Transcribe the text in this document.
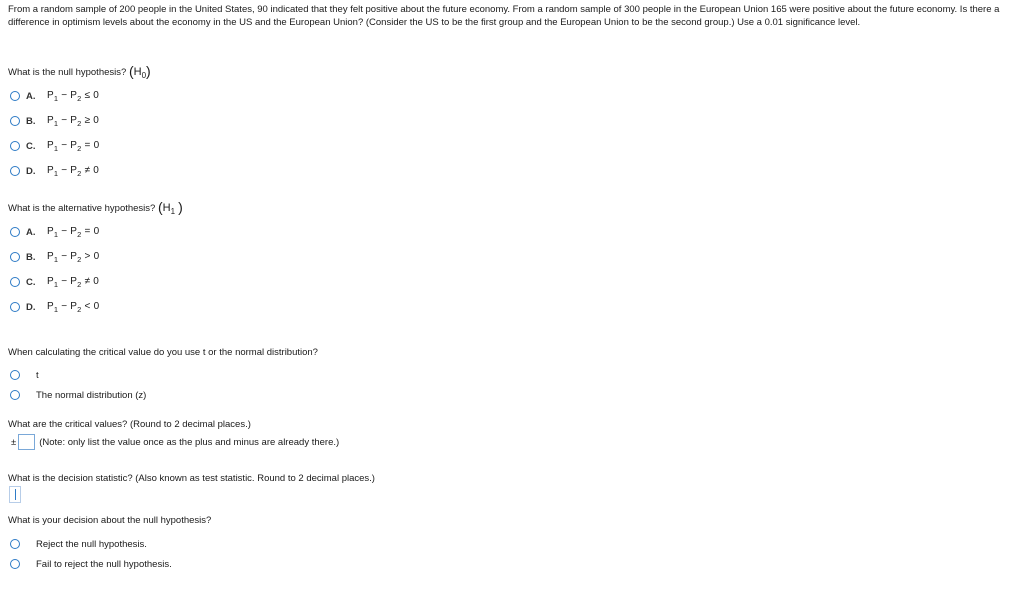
From a random sample of 200 people in the United States, 90 indicated that they felt positive about the future economy. From a random sample of 300 people in the European Union 165 were positive about the future economy. Is there a difference in optimism levels about the economy in the US and the European Union? (Consider the US to be the first group and the European Union to be the second group.) Use a 0.01 significance level.
What is the null hypothesis? $(H_0)$
A.	$P_1 - P_2 \le 0$
B.	$P_1 - P_2 \ge 0$
C.	$P_1 - P_2 = 0$
D.	$P_1 - P_2 \ne 0$
What is the alternative hypothesis? ($H_1$ )
A.	$P_1 - P_2 = 0$
B.	$P_1 - P_2 > 0$
C.	$P_1 - P_2 \ne 0$
D.	$P_1 - P_2 < 0$
When calculating the critical value do you use t or the normal distribution?
t
The normal distribution (z)
What are the critical values? (Round to 2 decimal places.)
± (Note: only list the value once as the plus and minus are already there.)
What is the decision statistic? (Also known as test statistic. Round to 2 decimal places.)
What is your decision about the null hypothesis?
Reject the null hypothesis.
Fail to reject the null hypothesis.
